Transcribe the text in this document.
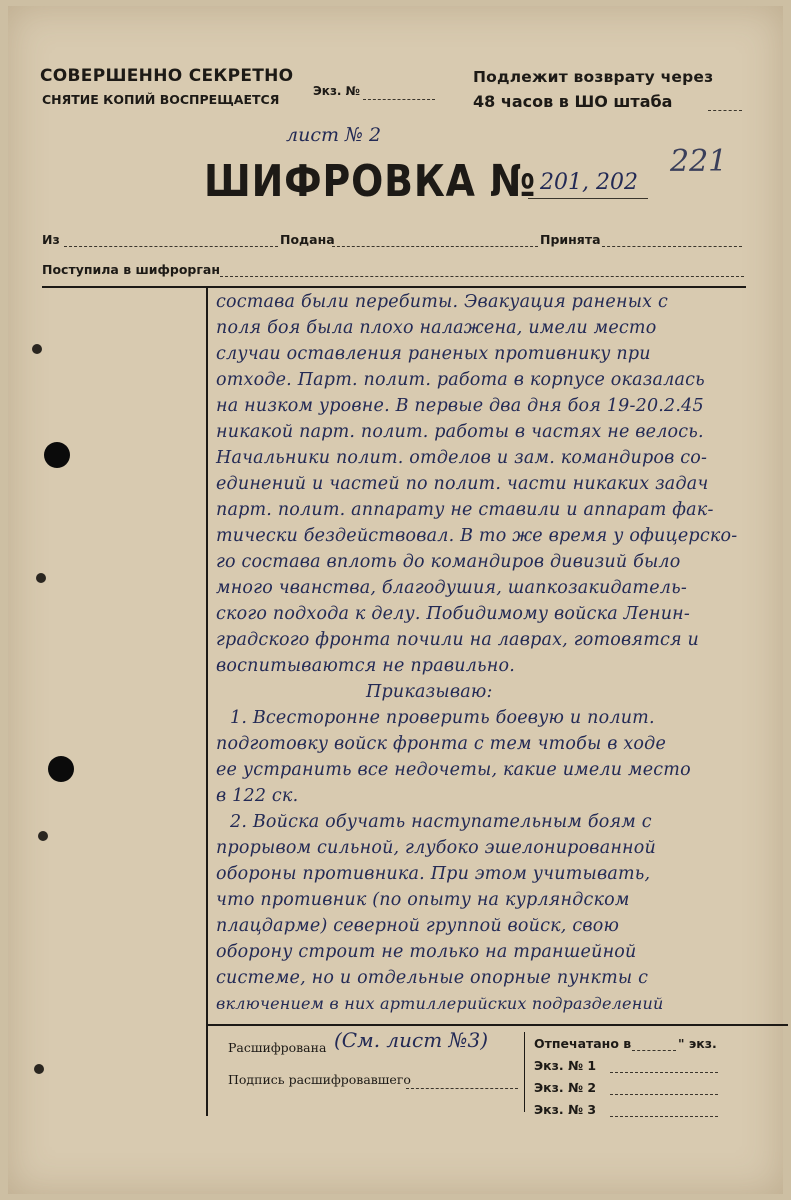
СОВЕРШЕННО СЕКРЕТНО
СНЯТИЕ КОПИЙ ВОСПРЕЩАЕТСЯ
Экз. №
Подлежит возврату через
48 часов в ШО штаба
лист № 2
221
ШИФРОВКА № 201, 202
Из	Подана	Принята
Поступила в шифрорган
состава были перебиты. Эвакуация раненых с
поля боя была плохо налажена, имели место
случаи оставления раненых противнику при
отходе. Парт. полит. работа в корпусе оказалась
на низком уровне. В первые два дня боя 19-20.2.45
никакой парт. полит. работы в частях не велось.
Начальники полит. отделов и зам. командиров со-
единений и частей по полит. части никаких задач
парт. полит. аппарату не ставили и аппарат фак-
тически бездействовал. В то же время у офицерско-
го состава вплоть до командиров дивизий было
много чванства, благодушия, шапкозакидатель-
ского подхода к делу. Побидимому войска Ленин-
градского фронта почили на лаврах, готовятся и
воспитываются не правильно.
Приказываю:
1. Всесторонне проверить боевую и полит.
подготовку войск фронта с тем чтобы в ходе
ее устранить все недочеты, какие имели место
в 122 ск.
2. Войска обучать наступательным боям с
прорывом сильной, глубоко эшелонированной
обороны противника. При этом учитывать,
что противник (по опыту на курляндском
плацдарме) северной группой войск, свою
оборону строит не только на траншейной
системе, но и отдельные опорные пункты с
включением в них артиллерийских подразделений
Расшифрована (См. лист №3)
Подпись расшифровавшего
Отпечатано в	" экз.
Экз. № 1
Экз. № 2
Экз. № 3
